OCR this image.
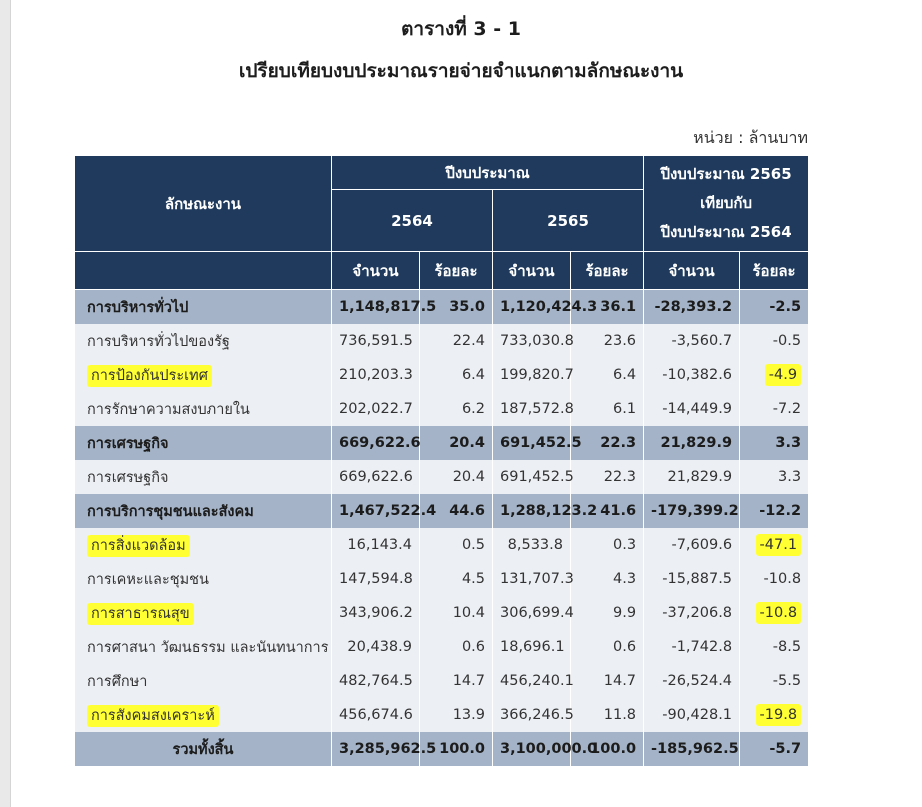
ตารางที่ 3 - 1
เปรียบเทียบงบประมาณรายจ่ายจำแนกตามลักษณะงาน
หน่วย : ล้านบาท
ลักษณะงาน	ปีงบประมาณ				ปีงบประมาณ 2565
เทียบกับ
ปีงบประมาณ 2564	

	2564		2565			
	จำนวน	ร้อยละ	จำนวน	ร้อยละ	จำนวน	ร้อยละ
การบริหารทั่วไป	1,148,817.5	35.0	1,120,424.3	36.1	-28,393.2	-2.5
การบริหารทั่วไปของรัฐ	736,591.5	22.4	733,030.8	23.6	-3,560.7	-0.5
การป้องกันประเทศ	210,203.3	6.4	199,820.7	6.4	-10,382.6	-4.9
การรักษาความสงบภายใน	202,022.7	6.2	187,572.8	6.1	-14,449.9	-7.2
การเศรษฐกิจ	669,622.6	20.4	691,452.5	22.3	21,829.9	3.3
การเศรษฐกิจ	669,622.6	20.4	691,452.5	22.3	21,829.9	3.3
การบริการชุมชนและสังคม	1,467,522.4	44.6	1,288,123.2	41.6	-179,399.2	-12.2
การสิ่งแวดล้อม	16,143.4	0.5	8,533.8	0.3	-7,609.6	-47.1
การเคหะและชุมชน	147,594.8	4.5	131,707.3	4.3	-15,887.5	-10.8
การสาธารณสุข	343,906.2	10.4	306,699.4	9.9	-37,206.8	-10.8
การศาสนา วัฒนธรรม และนันทนาการ	20,438.9	0.6	18,696.1	0.6	-1,742.8	-8.5
การศึกษา	482,764.5	14.7	456,240.1	14.7	-26,524.4	-5.5
การสังคมสงเคราะห์	456,674.6	13.9	366,246.5	11.8	-90,428.1	-19.8
รวมทั้งสิ้น	3,285,962.5	100.0	3,100,000.0	100.0	-185,962.5	-5.7
